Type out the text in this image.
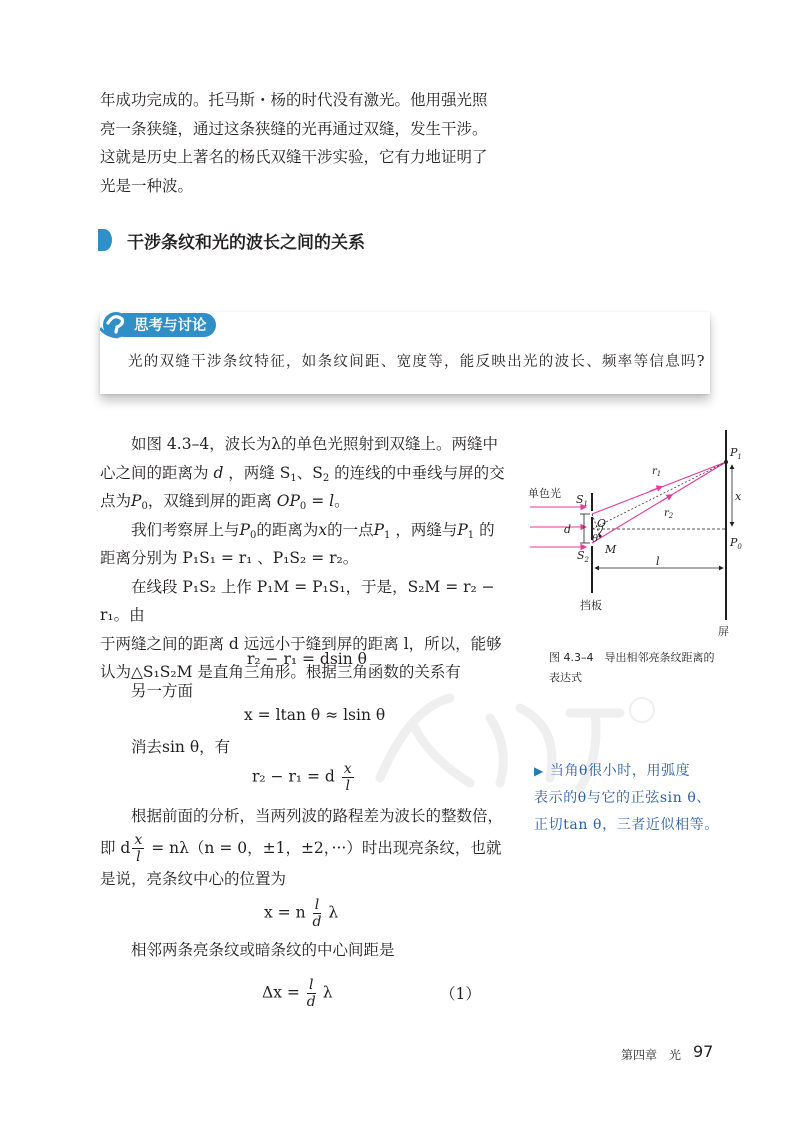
年成功完成的。托马斯・杨的时代没有激光。他用强光照

亮一条狭缝，通过这条狭缝的光再通过双缝，发生干涉。

这就是历史上著名的杨氏双缝干涉实验，它有力地证明了

光是一种波。

干涉条纹和光的波长之间的关系
思考与讨论
光的双缝干涉条纹特征，如条纹间距、宽度等，能反映出光的波长、频率等信息吗?

如图 4.3–4，波长为λ的单色光照射到双缝上。两缝中

心之间的距离为 d ，两缝 $S_1$、$S_2$ 的连线的中垂线与屏的交

点为$P_0$，双缝到屏的距离 $OP_0 = l$。

我们考察屏上与$P_0$的距离为x的一点$P_1$ ，两缝与$P_1$ 的

距离分别为 P₁S₁ = r₁ 、P₁S₂ = r₂。

在线段 P₁S₂ 上作 P₁M = P₁S₁，于是，S₂M = r₂ − r₁。由

于两缝之间的距离 d 远远小于缝到屏的距离 l，所以，能够

认为△S₁S₂M 是直角三角形。根据三角函数的关系有

r₂ − r₁ = dsin θ
另一方面
x = ltan θ ≈ lsin θ
消去sin θ，有
r₂ − r₁ = d $\frac{x}{l}$

根据前面的分析，当两列波的路程差为波长的整数倍，

即 d $\frac{x}{l} = n\lambda(n = 0$，±1，±2，···）时出现亮条纹，也就

是说，亮条纹中心的位置为

x = n $\frac{l}{d}$ λ
相邻两条亮条纹或暗条纹的中心间距是
$\Delta x = \frac{l}{d}$ λ	（1）
单色光 $S_1$
$S_2$
d O
θ
M
$r_1$
$r_2$
$P_1$
x
$P_0$
l
挡板
屏
图 4.3–4　导出相邻亮条纹距离的
表达式
▶ 当角θ很小时，用弧度
表示的θ与它的正弦sin θ、
正切tan θ，三者近似相等。
第四章　光 97
